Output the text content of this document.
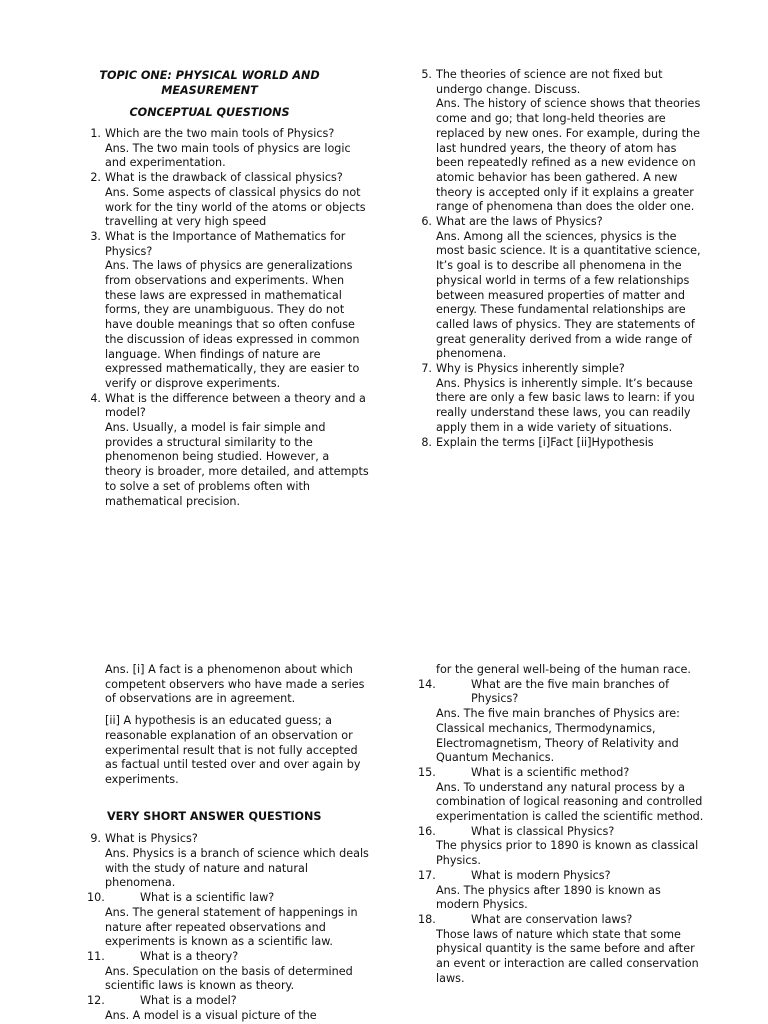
TOPIC ONE: PHYSICAL WORLD AND MEASUREMENT
CONCEPTUAL QUESTIONS
1. Which are the two main tools of Physics?

Ans. The two main tools of physics are logic and experimentation.

2. What is the drawback of classical physics?

Ans. Some aspects of classical physics do not work for the tiny world of the atoms or objects travelling at very high speed

3. What is the Importance of Mathematics for Physics?

Ans. The laws of physics are generalizations from observations and experiments. When these laws are expressed in mathematical forms, they are unambiguous. They do not have double meanings that so often confuse the discussion of ideas expressed in common language. When findings of nature are expressed mathematically, they are easier to verify or disprove experiments.

4. What is the difference between a theory and a model?

Ans. Usually, a model is fair simple and provides a structural similarity to the phenomenon being studied. However, a theory is broader, more detailed, and attempts to solve a set of problems often with mathematical precision.

5. The theories of science are not fixed but undergo change. Discuss.

Ans. The history of science shows that theories come and go; that long-held theories are replaced by new ones. For example, during the last hundred years, the theory of atom has been repeatedly refined as a new evidence on atomic behavior has been gathered. A new theory is accepted only if it explains a greater range of phenomena than does the older one.

6. What are the laws of Physics?

Ans. Among all the sciences, physics is the most basic science. It is a quantitative science, It’s goal is to describe all phenomena in the physical world in terms of a few relationships between measured properties of matter and energy. These fundamental relationships are called laws of physics. They are statements of great generality derived from a wide range of phenomena.

7. Why is Physics inherently simple?

Ans. Physics is inherently simple. It’s because there are only a few basic laws to learn: if you really understand these laws, you can readily apply them in a wide variety of situations.

8. Explain the terms [i]Fact [ii]Hypothesis

Ans. [i] A fact is a phenomenon about which competent observers who have made a series of observations are in agreement.

[ii] A hypothesis is an educated guess; a reasonable explanation of an observation or experimental result that is not fully accepted as factual until tested over and over again by experiments.

VERY SHORT ANSWER QUESTIONS
9. What is Physics?

Ans. Physics is a branch of science which deals with the study of nature and natural phenomena.

10.	What is a scientific law?

Ans. The general statement of happenings in nature after repeated observations and experiments is known as a scientific law.

11.	What is a theory?

Ans. Speculation on the basis of determined scientific laws is known as theory.

12.	What is a model?

Ans. A model is a visual picture of the

for the general well-being of the human race.

14.	What are the five main branches of Physics?

Ans. The five main branches of Physics are: Classical mechanics, Thermodynamics, Electromagnetism, Theory of Relativity and Quantum Mechanics.

15.	What is a scientific method?

Ans. To understand any natural process by a combination of logical reasoning and controlled experimentation is called the scientific method.

16.	What is classical Physics?

The physics prior to 1890 is known as classical Physics.

17.	What is modern Physics?

Ans. The physics after 1890 is known as modern Physics.

18.	What are conservation laws?

Those laws of nature which state that some physical quantity is the same before and after an event or interaction are called conservation laws.
